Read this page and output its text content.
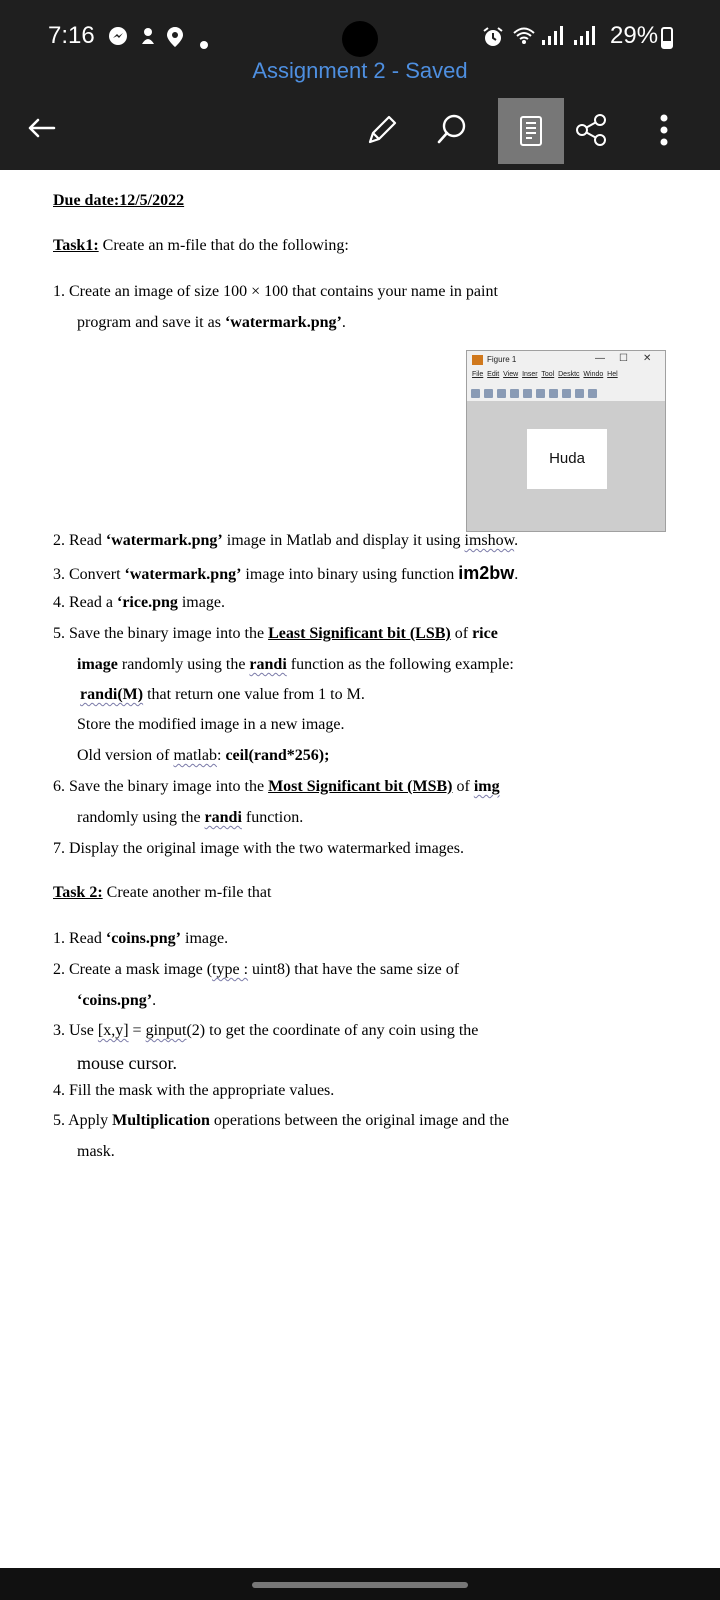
7:16	29%
Assignment 2 - Saved
Due date:12/5/2022
Task1: Create an m-file that do the following:
1. Create an image of size 100 × 100 that contains your name in paint
program and save it as ‘watermark.png’.
Figure 1	— ☐ ✕
File Edit View Inser Tool Desktc Windo Hel
Huda
2. Read ‘watermark.png’ image in Matlab and display it using imshow.
3. Convert ‘watermark.png’ image into binary using function im2bw.
4. Read a ‘rice.png image.
5. Save the binary image into the Least Significant bit (LSB) of rice
image randomly using the randi function as the following example:
randi(M) that return one value from 1 to M.
Store the modified image in a new image.
Old version of matlab: ceil(rand*256);
6. Save the binary image into the Most Significant bit (MSB) of img
randomly using the randi function.
7. Display the original image with the two watermarked images.
Task 2: Create another m-file that
1. Read ‘coins.png’ image.
2. Create a mask image (type : uint8) that have the same size of
‘coins.png’.
3. Use [x,y] = ginput(2) to get the coordinate of any coin using the
mouse cursor.
4. Fill the mask with the appropriate values.
5. Apply Multiplication operations between the original image and the
mask.
